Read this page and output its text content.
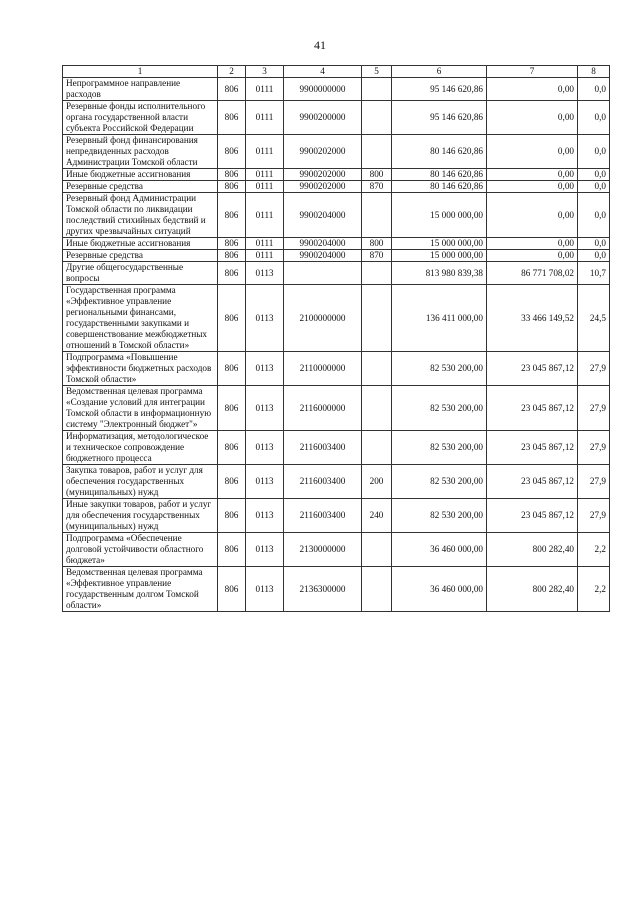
41
1	2	3	4	5	6	7	8
Непрограммное направление расходов	806	0111	9900000000		95 146 620,86	0,00	0,0
Резервные фонды исполнительного органа государственной власти субъекта Российской Федерации	806	0111	9900200000		95 146 620,86	0,00	0,0
Резервный фонд финансирования непредвиденных расходов Администрации Томской области	806	0111	9900202000		80 146 620,86	0,00	0,0
Иные бюджетные ассигнования	806	0111	9900202000	800	80 146 620,86	0,00	0,0
Резервные средства	806	0111	9900202000	870	80 146 620,86	0,00	0,0
Резервный фонд Администрации Томской области по ликвидации последствий стихийных бедствий и других чрезвычайных ситуаций	806	0111	9900204000		15 000 000,00	0,00	0,0
Иные бюджетные ассигнования	806	0111	9900204000	800	15 000 000,00	0,00	0,0
Резервные средства	806	0111	9900204000	870	15 000 000,00	0,00	0,0
Другие общегосударственные вопросы	806	0113			813 980 839,38	86 771 708,02	10,7
Государственная программа «Эффективное управление региональными финансами, государственными закупками и совершенствование межбюджетных отношений в Томской области»	806	0113	2100000000		136 411 000,00	33 466 149,52	24,5
Подпрограмма «Повышение эффективности бюджетных расходов Томской области»	806	0113	2110000000		82 530 200,00	23 045 867,12	27,9
Ведомственная целевая программа «Создание условий для интеграции Томской области в информационную систему "Электронный бюджет"»	806	0113	2116000000		82 530 200,00	23 045 867,12	27,9
Информатизация, методологическое и техническое сопровождение бюджетного процесса	806	0113	2116003400		82 530 200,00	23 045 867,12	27,9
Закупка товаров, работ и услуг для обеспечения государственных (муниципальных) нужд	806	0113	2116003400	200	82 530 200,00	23 045 867,12	27,9
Иные закупки товаров, работ и услуг для обеспечения государственных (муниципальных) нужд	806	0113	2116003400	240	82 530 200,00	23 045 867,12	27,9
Подпрограмма «Обеспечение долговой устойчивости областного бюджета»	806	0113	2130000000		36 460 000,00	800 282,40	2,2
Ведомственная целевая программа «Эффективное управление государственным долгом Томской области»	806	0113	2136300000		36 460 000,00	800 282,40	2,2
